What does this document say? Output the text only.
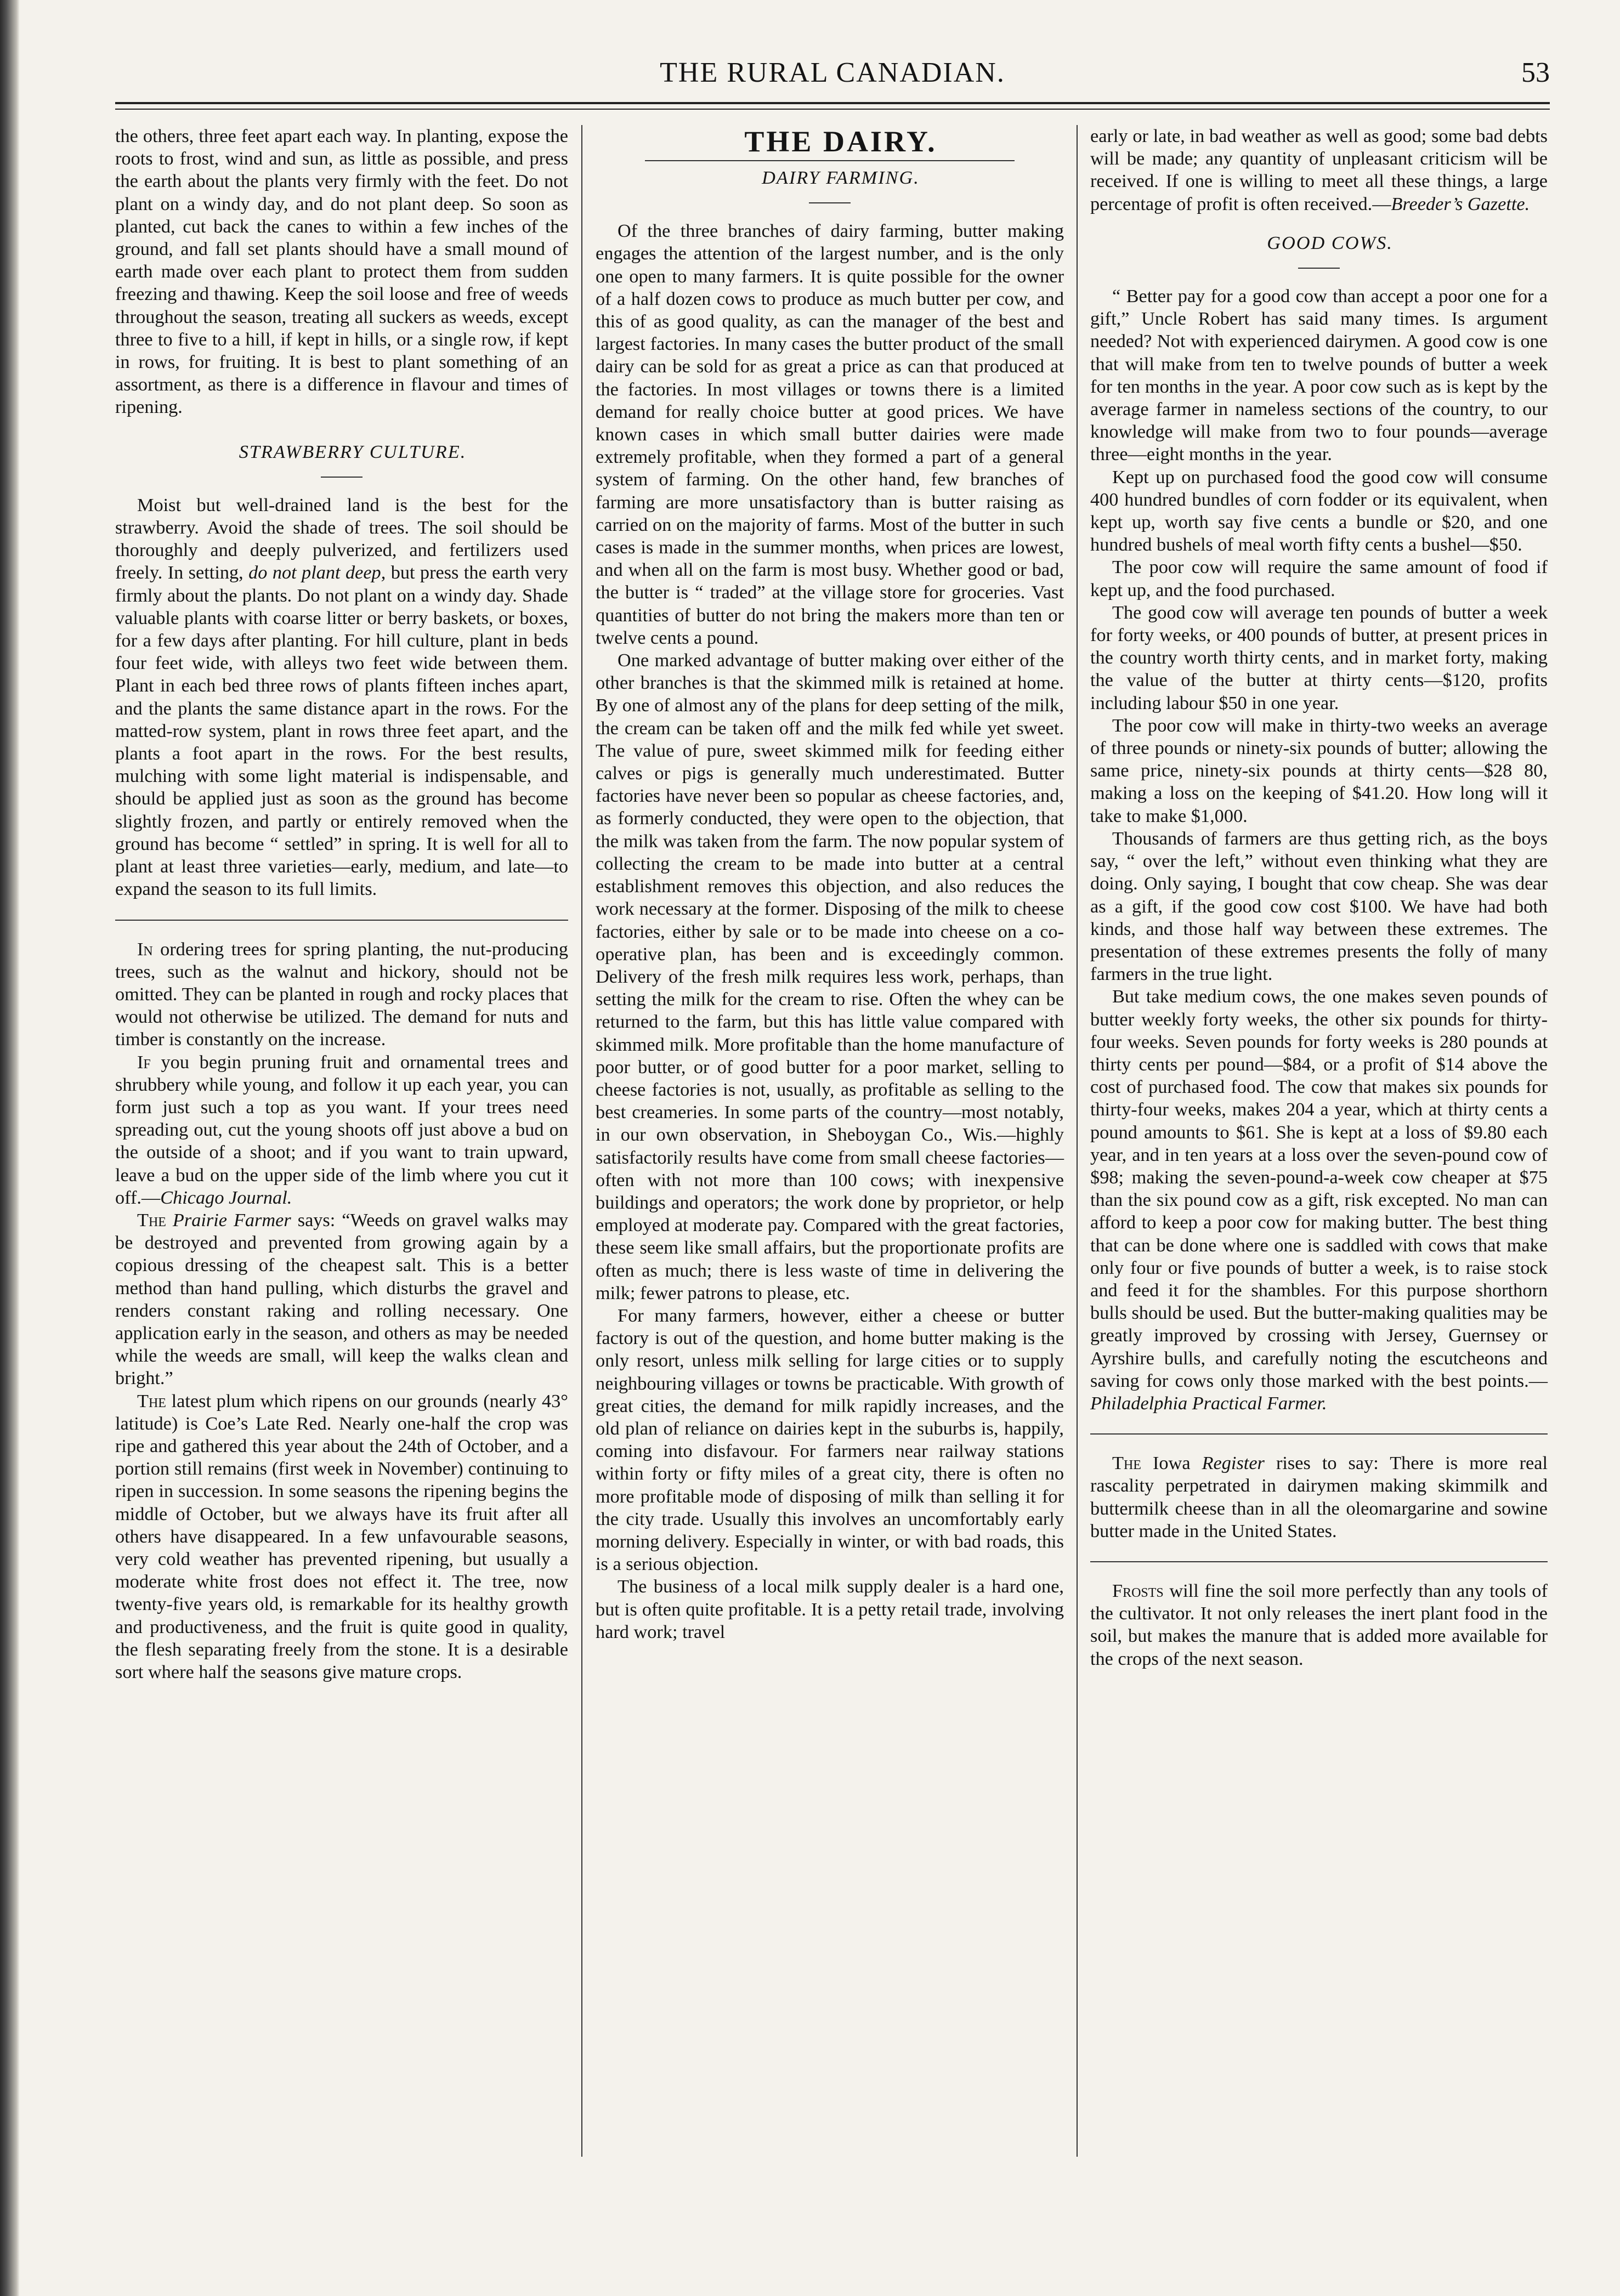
THE RURAL CANADIAN.	53

the others, three feet apart each way. In planting, expose the roots to frost, wind and sun, as little as possible, and press the earth about the plants very firmly with the feet. Do not plant on a windy day, and do not plant deep. So soon as planted, cut back the canes to within a few inches of the ground, and fall set plants should have a small mound of earth made over each plant to protect them from sudden freezing and thawing. Keep the soil loose and free of weeds throughout the season, treating all suckers as weeds, except three to five to a hill, if kept in hills, or a single row, if kept in rows, for fruiting. It is best to plant something of an assortment, as there is a difference in flavour and times of ripening.

STRAWBERRY CULTURE.

Moist but well-drained land is the best for the strawberry. Avoid the shade of trees. The soil should be thoroughly and deeply pulverized, and fertilizers used freely. In setting, do not plant deep, but press the earth very firmly about the plants. Do not plant on a windy day. Shade valuable plants with coarse litter or berry baskets, or boxes, for a few days after planting. For hill culture, plant in beds four feet wide, with alleys two feet wide between them. Plant in each bed three rows of plants fifteen inches apart, and the plants the same distance apart in the rows. For the matted-row system, plant in rows three feet apart, and the plants a foot apart in the rows. For the best results, mulching with some light material is indispensable, and should be applied just as soon as the ground has become slightly frozen, and partly or entirely removed when the ground has become “ settled” in spring. It is well for all to plant at least three varieties—early, medium, and late—to expand the season to its full limits.

In ordering trees for spring planting, the nut-producing trees, such as the walnut and hickory, should not be omitted. They can be planted in rough and rocky places that would not otherwise be utilized. The demand for nuts and timber is constantly on the increase.

If you begin pruning fruit and ornamental trees and shrubbery while young, and follow it up each year, you can form just such a top as you want. If your trees need spreading out, cut the young shoots off just above a bud on the outside of a shoot; and if you want to train upward, leave a bud on the upper side of the limb where you cut it off.—Chicago Journal.

The Prairie Farmer says: “Weeds on gravel walks may be destroyed and prevented from growing again by a copious dressing of the cheapest salt. This is a better method than hand pulling, which disturbs the gravel and renders constant raking and rolling necessary. One application early in the season, and others as may be needed while the weeds are small, will keep the walks clean and bright.”

The latest plum which ripens on our grounds (nearly 43° latitude) is Coe’s Late Red. Nearly one-half the crop was ripe and gathered this year about the 24th of October, and a portion still remains (first week in November) continuing to ripen in succession. In some seasons the ripening begins the middle of October, but we always have its fruit after all others have disappeared. In a few unfavourable seasons, very cold weather has prevented ripening, but usually a moderate white frost does not effect it. The tree, now twenty-five years old, is remarkable for its healthy growth and productiveness, and the fruit is quite good in quality, the flesh separating freely from the stone. It is a desirable sort where half the seasons give mature crops.

THE DAIRY.

DAIRY FARMING.

Of the three branches of dairy farming, butter making engages the attention of the largest number, and is the only one open to many farmers. It is quite possible for the owner of a half dozen cows to produce as much butter per cow, and this of as good quality, as can the manager of the best and largest factories. In many cases the butter product of the small dairy can be sold for as great a price as can that produced at the factories. In most villages or towns there is a limited demand for really choice butter at good prices. We have known cases in which small butter dairies were made extremely profitable, when they formed a part of a general system of farming. On the other hand, few branches of farming are more unsatisfactory than is butter raising as carried on on the majority of farms. Most of the butter in such cases is made in the summer months, when prices are lowest, and when all on the farm is most busy. Whether good or bad, the butter is “ traded” at the village store for groceries. Vast quantities of butter do not bring the makers more than ten or twelve cents a pound.

One marked advantage of butter making over either of the other branches is that the skimmed milk is retained at home. By one of almost any of the plans for deep setting of the milk, the cream can be taken off and the milk fed while yet sweet. The value of pure, sweet skimmed milk for feeding either calves or pigs is generally much underestimated. Butter factories have never been so popular as cheese factories, and, as formerly conducted, they were open to the objection, that the milk was taken from the farm. The now popular system of collecting the cream to be made into butter at a central establishment removes this objection, and also reduces the work necessary at the former. Disposing of the milk to cheese factories, either by sale or to be made into cheese on a co-operative plan, has been and is exceedingly common. Delivery of the fresh milk requires less work, perhaps, than setting the milk for the cream to rise. Often the whey can be returned to the farm, but this has little value compared with skimmed milk. More profitable than the home manufacture of poor butter, or of good butter for a poor market, selling to cheese factories is not, usually, as profitable as selling to the best creameries. In some parts of the country—most notably, in our own observation, in Sheboygan Co., Wis.—highly satisfactorily results have come from small cheese factories—often with not more than 100 cows; with inexpensive buildings and operators; the work done by proprietor, or help employed at moderate pay. Compared with the great factories, these seem like small affairs, but the proportionate profits are often as much; there is less waste of time in delivering the milk; fewer patrons to please, etc.

For many farmers, however, either a cheese or butter factory is out of the question, and home butter making is the only resort, unless milk selling for large cities or to supply neighbouring villages or towns be practicable. With growth of great cities, the demand for milk rapidly increases, and the old plan of reliance on dairies kept in the suburbs is, happily, coming into disfavour. For farmers near railway stations within forty or fifty miles of a great city, there is often no more profitable mode of disposing of milk than selling it for the city trade. Usually this involves an uncomfortably early morning delivery. Especially in winter, or with bad roads, this is a serious objection.

The business of a local milk supply dealer is a hard one, but is often quite profitable. It is a petty retail trade, involving hard work; travel

early or late, in bad weather as well as good; some bad debts will be made; any quantity of unpleasant criticism will be received. If one is willing to meet all these things, a large percentage of profit is often received.—Breeder’s Gazette.

GOOD COWS.

“ Better pay for a good cow than accept a poor one for a gift,” Uncle Robert has said many times. Is argument needed? Not with experienced dairymen. A good cow is one that will make from ten to twelve pounds of butter a week for ten months in the year. A poor cow such as is kept by the average farmer in nameless sections of the country, to our knowledge will make from two to four pounds—average three—eight months in the year.

Kept up on purchased food the good cow will consume 400 hundred bundles of corn fodder or its equivalent, when kept up, worth say five cents a bundle or $20, and one hundred bushels of meal worth fifty cents a bushel—$50.

The poor cow will require the same amount of food if kept up, and the food purchased.

The good cow will average ten pounds of butter a week for forty weeks, or 400 pounds of butter, at present prices in the country worth thirty cents, and in market forty, making the value of the butter at thirty cents—$120, profits including labour $50 in one year.

The poor cow will make in thirty-two weeks an average of three pounds or ninety-six pounds of butter; allowing the same price, ninety-six pounds at thirty cents—$28 80, making a loss on the keeping of $41.20. How long will it take to make $1,000.

Thousands of farmers are thus getting rich, as the boys say, “ over the left,” without even thinking what they are doing. Only saying, I bought that cow cheap. She was dear as a gift, if the good cow cost $100. We have had both kinds, and those half way between these extremes. The presentation of these extremes presents the folly of many farmers in the true light.

But take medium cows, the one makes seven pounds of butter weekly forty weeks, the other six pounds for thirty-four weeks. Seven pounds for forty weeks is 280 pounds at thirty cents per pound—$84, or a profit of $14 above the cost of purchased food. The cow that makes six pounds for thirty-four weeks, makes 204 a year, which at thirty cents a pound amounts to $61. She is kept at a loss of $9.80 each year, and in ten years at a loss over the seven-pound cow of $98; making the seven-pound-a-week cow cheaper at $75 than the six pound cow as a gift, risk excepted. No man can afford to keep a poor cow for making butter. The best thing that can be done where one is saddled with cows that make only four or five pounds of butter a week, is to raise stock and feed it for the shambles. For this purpose shorthorn bulls should be used. But the butter-making qualities may be greatly improved by crossing with Jersey, Guernsey or Ayrshire bulls, and carefully noting the escutcheons and saving for cows only those marked with the best points.—Philadelphia Practical Farmer.

The Iowa Register rises to say: There is more real rascality perpetrated in dairymen making skimmilk and buttermilk cheese than in all the oleomargarine and sowine butter made in the United States.

Frosts will fine the soil more perfectly than any tools of the cultivator. It not only releases the inert plant food in the soil, but makes the manure that is added more available for the crops of the next season.
